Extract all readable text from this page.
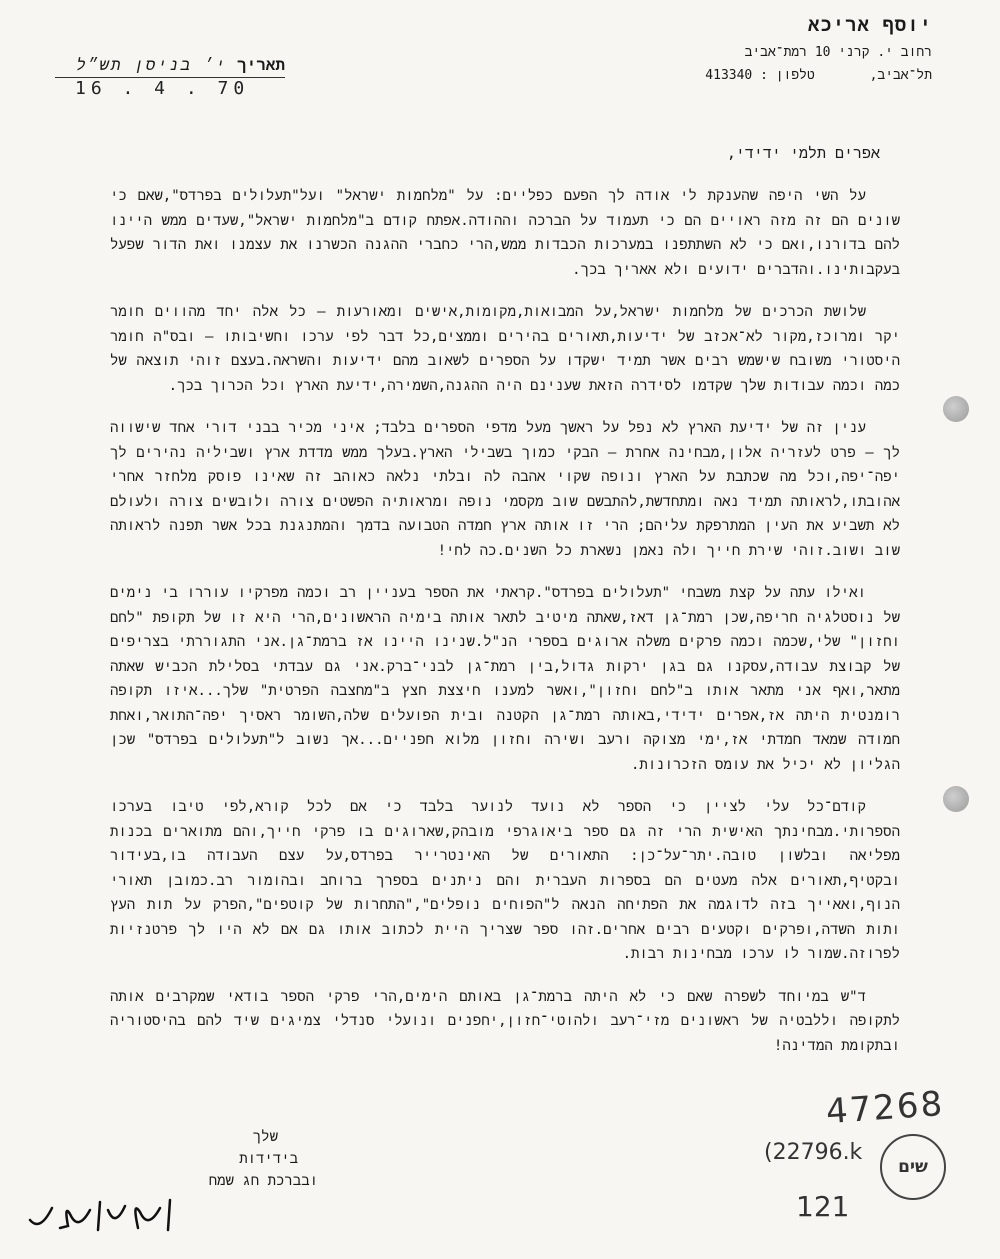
יוסף אריכא
רחוב י. קרני 10 רמת־אביב
תל־אביב,       טלפון : 413340
תאריך
י׳ בניסן תש״ל
16 . 4 . 70
אפרים תלמי ידידי,

על השי היפה שהענקת לי אודה לך הפעם כפליים: על "מלחמות ישראל" ועל"תעלולים בפרדס",שאם כי שונים הם זה מזה ראויים הם כי תעמוד על הברכה וההודה.אפתח קודם ב"מלחמות ישראל",שעדים ממש היינו להם בדורנו,ואם כי לא השתתפנו במערכות הכבדות ממש,הרי כחברי ההגנה הכשרנו את עצמנו ואת הדור שפעל בעקבותינו.והדברים ידועים ולא אאריך בכך.

שלושת הכרכים של מלחמות ישראל,על המבואות,מקומות,אישים ומאורעות — כל אלה יחד מהווים חומר יקר ומרוכז,מקור לא־אכזב של ידיעות,תאורים בהירים וממצים,כל דבר לפי ערכו וחשיבותו — ובס"ה חומר היסטורי משובח שישמש רבים אשר תמיד ישקדו על הספרים לשאוב מהם ידיעות והשראה.בעצם זוהי תוצאה של כמה וכמה עבודות שלך שקדמו לסידרה הזאת שענינם היה ההגנה,השמירה,ידיעת הארץ וכל הכרוך בכך.

ענין זה של ידיעת הארץ לא נפל על ראשך מעל מדפי הספרים בלבד; איני מכיר בבני דורי אחד שישווה לך — פרט לעזריה אלון,מבחינה אחרת — הבקי כמוך בשבילי הארץ.בעלך ממש מדדת ארץ ושביליה נהירים לך יפה־יפה,וכל מה שכתבת על הארץ ונופה שקוי אהבה לה ובלתי נלאה כאוהב זה שאינו פוסק מלחזר אחרי אהובתו,לראותה תמיד נאה ומתחדשת,להתבשם שוב מקסמי נופה ומראותיה הפשטים צורה ולובשים צורה ולעולם לא תשביע את העין המתרפקת עליהם; הרי זו אותה ארץ חמדה הטבועה בדמך והמתנגנת בכל אשר תפנה לראותה שוב ושוב.זוהי שירת חייך ולה נאמן נשארת כל השנים.כה לחי!

ואילו עתה על קצת משבחי "תעלולים בפרדס".קראתי את הספר בעניין רב וכמה מפרקיו עוררו בי נימים של נוסטלגיה חריפה,שכן רמת־גן דאז,שאתה מיטיב לתאר אותה בימיה הראשונים,הרי היא זו של תקופת "לחם וחזון" שלי,שכמה וכמה פרקים משלה ארוגים בספרי הנ"ל.שנינו היינו אז ברמת־גן.אני התגוררתי בצריפים של קבוצת עבודה,עסקנו גם בגן ירקות גדול,בין רמת־גן לבני־ברק.אני גם עבדתי בסלילת הכביש שאתה מתאר,ואף אני מתאר אותו ב"לחם וחזון",ואשר למענו חיצצת חצץ ב"מחצבה הפרטית" שלך...איזו תקופה רומנטית היתה אז,אפרים ידידי,באותה רמת־גן הקטנה ובית הפועלים שלה,השומר ראסיך יפה־התואר,ואחת חמודה שמאד חמדתי אז,ימי מצוקה ורעב ושירה וחזון מלוא חפניים...אך נשוב ל"תעלולים בפרדס" שכן הגליון לא יכיל את עומס הזכרונות.

קודם־כל עלי לציין כי הספר לא נועד לנוער בלבד כי אם לכל קורא,לפי טיבו בערכו הספרותי.מבחינתך האישית הרי זה גם ספר ביאוגרפי מובהק,שארוגים בו פרקי חייך,והם מתוארים בכנות מפליאה ובלשון טובה.יתר־על־כן: התאורים של האינטרייר בפרדס,על עצם העבודה בו,בעידור ובקטיף,תאורים אלה מעטים הם בספרות העברית והם ניתנים בספרך ברוחב ובהומור רב.כמובן תאורי הנוף,ואאייך בזה לדוגמה את הפתיחה הנאה ל"הפוחים נופלים","התחרות של קוטפים",הפרק על תות העץ ותות השדה,ופרקים וקטעים רבים אחרים.זהו ספר שצריך היית לכתוב אותו גם אם לא היו לך פרטנזיות לפרוזה.שמור לו ערכו מבחינות רבות.

ד"ש במיוחד לשפרה שאם כי לא היתה ברמת־גן באותם הימים,הרי פרקי הספר בודאי שמקרבים אותה לתקופה וללבטיה של ראשונים מזי־רעב ולהוטי־חזון,יחפנים ונועלי סנדלי צמיגים שיד להם בהיסטוריה ובתקומת המדינה!

שלך
בידידות
ובברכת חג שמח
47268
(22796.k
121
שים
